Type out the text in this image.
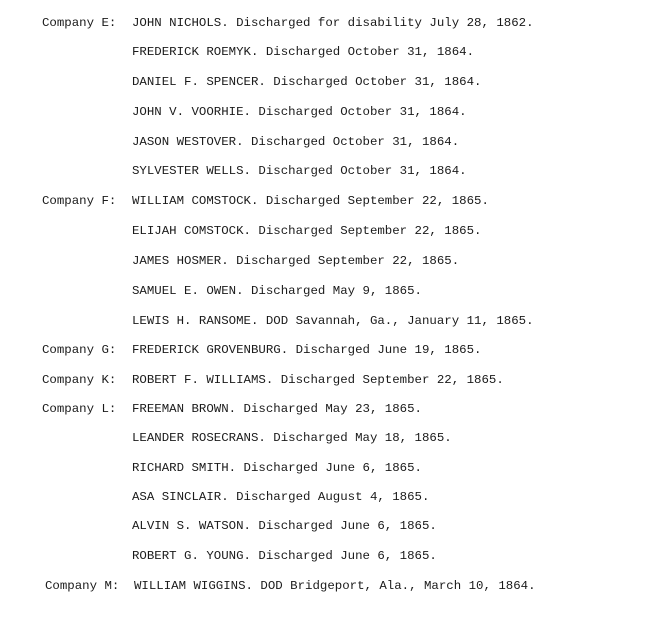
Company E: JOHN NICHOLS. Discharged for disability July 28, 1862.
FREDERICK ROEMYK. Discharged October 31, 1864.
DANIEL F. SPENCER. Discharged October 31, 1864.
JOHN V. VOORHIE. Discharged October 31, 1864.
JASON WESTOVER. Discharged October 31, 1864.
SYLVESTER WELLS. Discharged October 31, 1864.
Company F: WILLIAM COMSTOCK. Discharged September 22, 1865.
ELIJAH COMSTOCK. Discharged September 22, 1865.
JAMES HOSMER. Discharged September 22, 1865.
SAMUEL E. OWEN. Discharged May 9, 1865.
LEWIS H. RANSOME. DOD Savannah, Ga., January 11, 1865.
Company G: FREDERICK GROVENBURG. Discharged June 19, 1865.
Company K: ROBERT F. WILLIAMS. Discharged September 22, 1865.
Company L: FREEMAN BROWN. Discharged May 23, 1865.
LEANDER ROSECRANS. Discharged May 18, 1865.
RICHARD SMITH. Discharged June 6, 1865.
ASA SINCLAIR. Discharged August 4, 1865.
ALVIN S. WATSON. Discharged June 6, 1865.
ROBERT G. YOUNG. Discharged June 6, 1865.
Company M: WILLIAM WIGGINS. DOD Bridgeport, Ala., March 10, 1864.
